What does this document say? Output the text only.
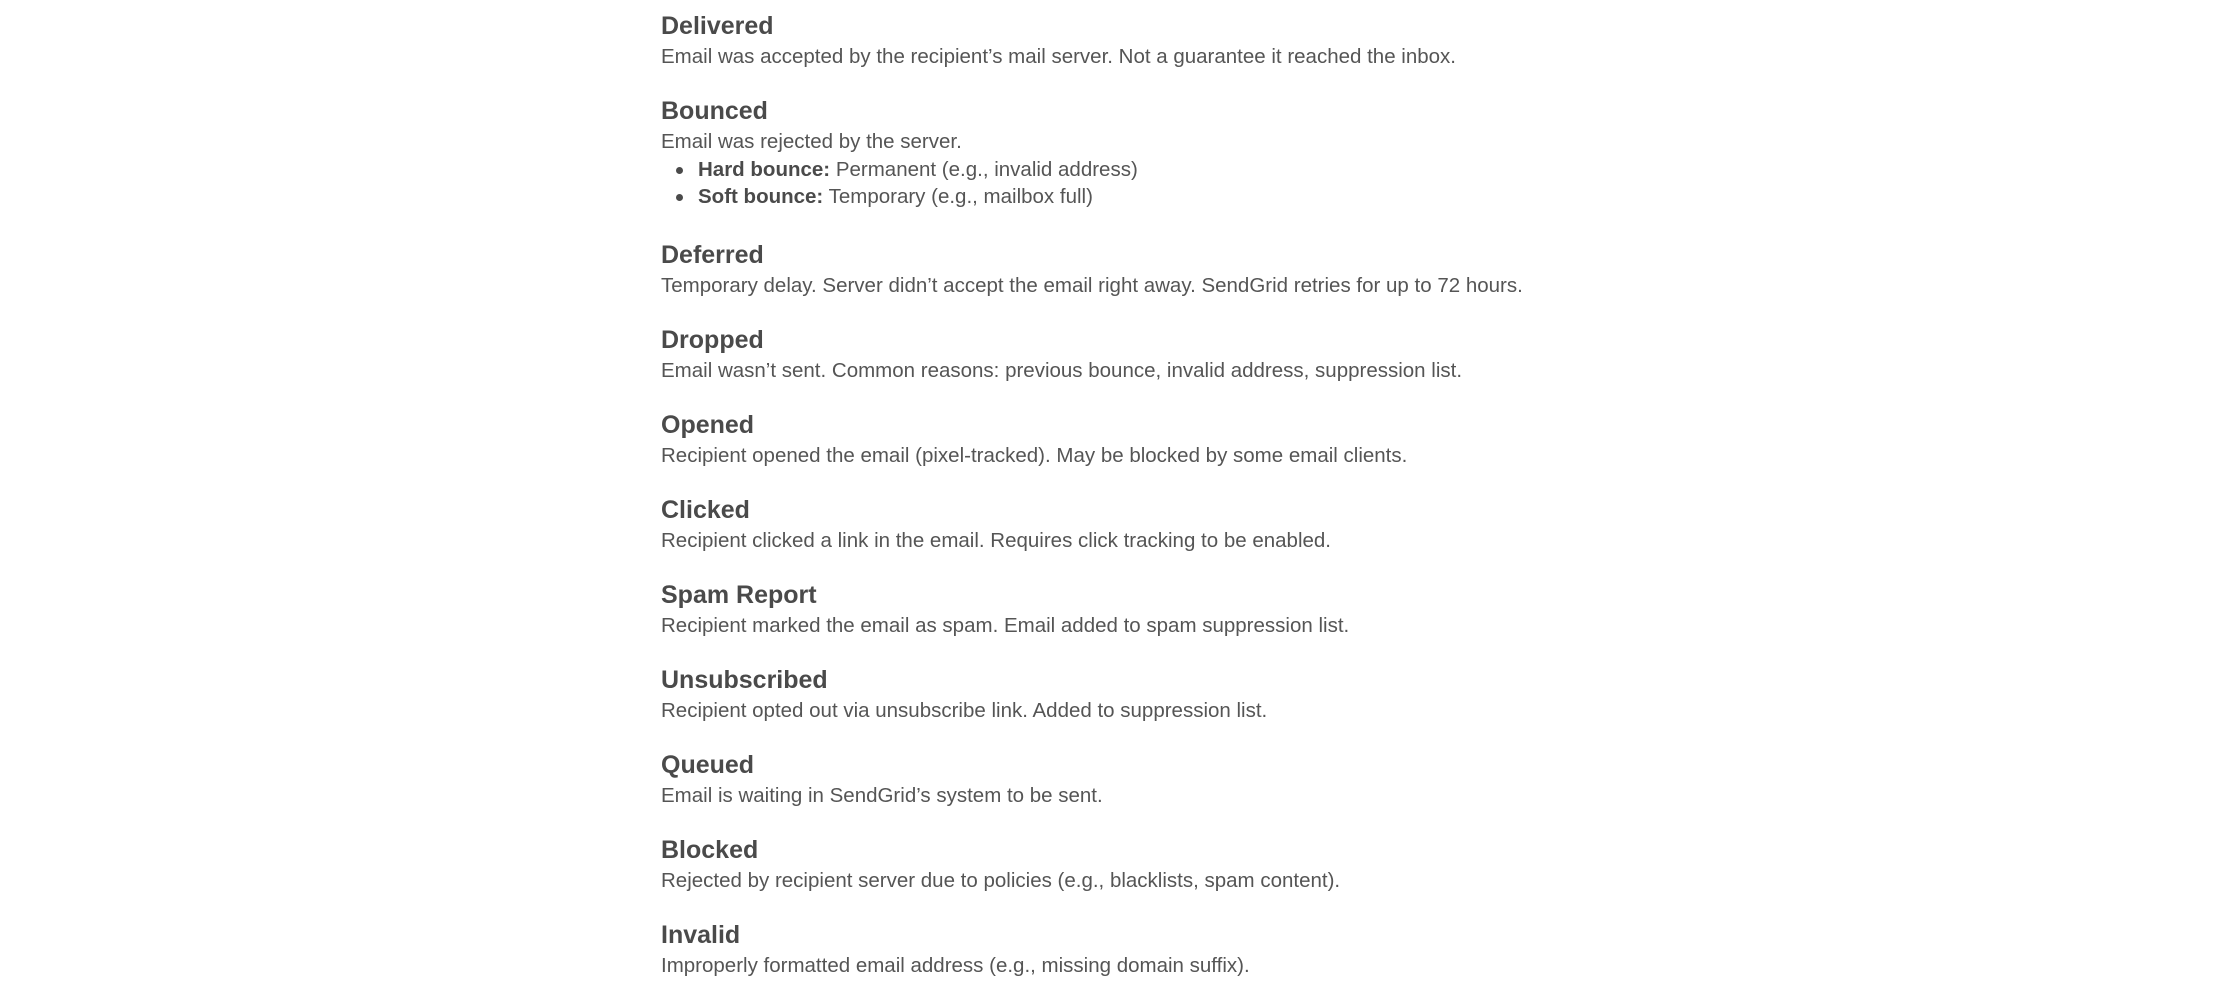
Delivered

Email was accepted by the recipient’s mail server. Not a guarantee it reached the inbox.

Bounced

Email was rejected by the server.

Hard bounce: Permanent (e.g., invalid address)
Soft bounce: Temporary (e.g., mailbox full)
Deferred

Temporary delay. Server didn’t accept the email right away. SendGrid retries for up to 72 hours.

Dropped

Email wasn’t sent. Common reasons: previous bounce, invalid address, suppression list.

Opened

Recipient opened the email (pixel-tracked). May be blocked by some email clients.

Clicked

Recipient clicked a link in the email. Requires click tracking to be enabled.

Spam Report

Recipient marked the email as spam. Email added to spam suppression list.

Unsubscribed

Recipient opted out via unsubscribe link. Added to suppression list.

Queued

Email is waiting in SendGrid’s system to be sent.

Blocked

Rejected by recipient server due to policies (e.g., blacklists, spam content).

Invalid

Improperly formatted email address (e.g., missing domain suffix).
